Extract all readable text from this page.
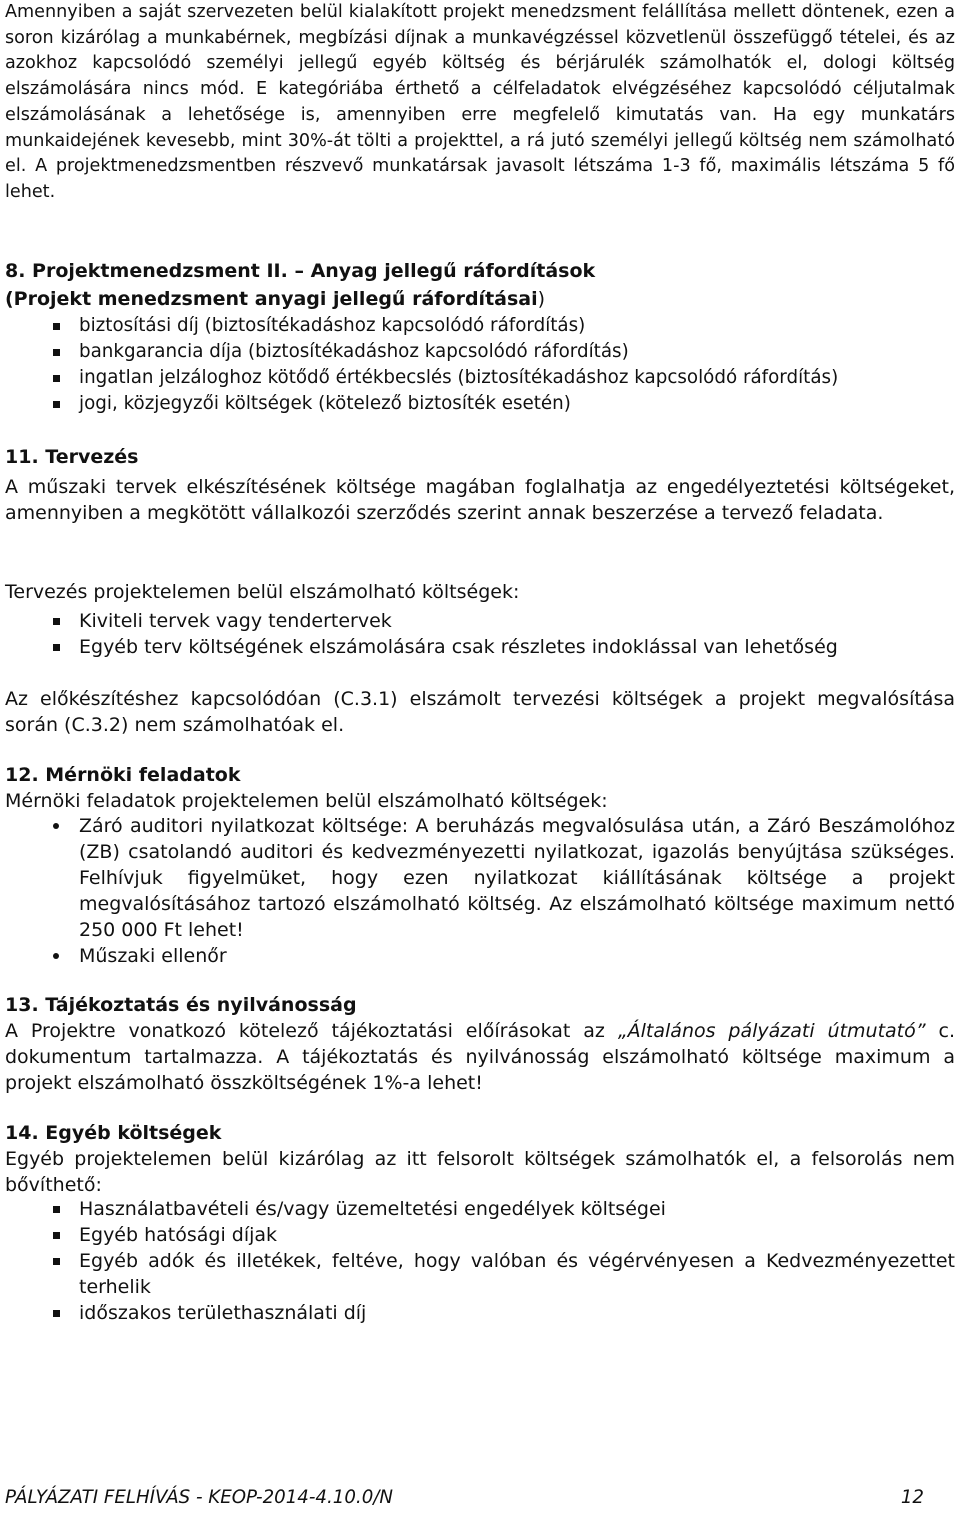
Amennyiben a saját szervezeten belül kialakított projekt menedzsment felállítása mellett döntenek, ezen a soron kizárólag a munkabérnek, megbízási díjnak a munkavégzéssel közvetlenül összefüggő tételei, és az azokhoz kapcsolódó személyi jellegű egyéb költség és bérjárulék számolhatók el, dologi költség elszámolására nincs mód. E kategóriába érthető a célfeladatok elvégzéséhez kapcsolódó céljutalmak elszámolásának a lehetősége is, amennyiben erre megfelelő kimutatás van. Ha egy munkatárs munkaidejének kevesebb, mint 30%-át tölti a projekttel, a rá jutó személyi jellegű költség nem számolható el. A projektmenedzsmentben részvevő munkatársak javasolt létszáma 1-3 fő, maximális létszáma 5 fő lehet.

8. Projektmenedzsment II. – Anyag jellegű ráfordítások
(Projekt menedzsment anyagi jellegű ráfordításai)
biztosítási díj (biztosítékadáshoz kapcsolódó ráfordítás)
bankgarancia díja (biztosítékadáshoz kapcsolódó ráfordítás)
ingatlan jelzáloghoz kötődő értékbecslés (biztosítékadáshoz kapcsolódó ráfordítás)
jogi, közjegyzői költségek (kötelező biztosíték esetén)
11. Tervezés

A műszaki tervek elkészítésének költsége magában foglalhatja az engedélyeztetési költségeket, amennyiben a megkötött vállalkozói szerződés szerint annak beszerzése a tervező feladata.

Tervezés projektelemen belül elszámolható költségek:

Kiviteli tervek vagy tendertervek
Egyéb terv költségének elszámolására csak részletes indoklással van lehetőség

Az előkészítéshez kapcsolódóan (C.3.1) elszámolt tervezési költségek a projekt megvalósítása során (C.3.2) nem számolhatóak el.

12. Mérnöki feladatok

Mérnöki feladatok projektelemen belül elszámolható költségek:

Záró auditori nyilatkozat költsége: A beruházás megvalósulása után, a Záró Beszámolóhoz (ZB) csatolandó auditori és kedvezményezetti nyilatkozat, igazolás benyújtása szükséges. Felhívjuk figyelmüket, hogy ezen nyilatkozat kiállításának költsége a projekt megvalósításához tartozó elszámolható költség. Az elszámolható költsége maximum nettó 250 000 Ft lehet!
Műszaki ellenőr
13. Tájékoztatás és nyilvánosság

A Projektre vonatkozó kötelező tájékoztatási előírásokat az „Általános pályázati útmutató” c. dokumentum tartalmazza. A tájékoztatás és nyilvánosság elszámolható költsége maximum a projekt elszámolható összköltségének 1%-a lehet!

14. Egyéb költségek

Egyéb projektelemen belül kizárólag az itt felsorolt költségek számolhatók el, a felsorolás nem bővíthető:

Használatbavételi és/vagy üzemeltetési engedélyek költségei
Egyéb hatósági díjak
Egyéb adók és illetékek, feltéve, hogy valóban és végérvényesen a Kedvezményezettet terhelik
időszakos területhasználati díj
PÁLYÁZATI FELHÍVÁS - KEOP-2014-4.10.0/N	12
